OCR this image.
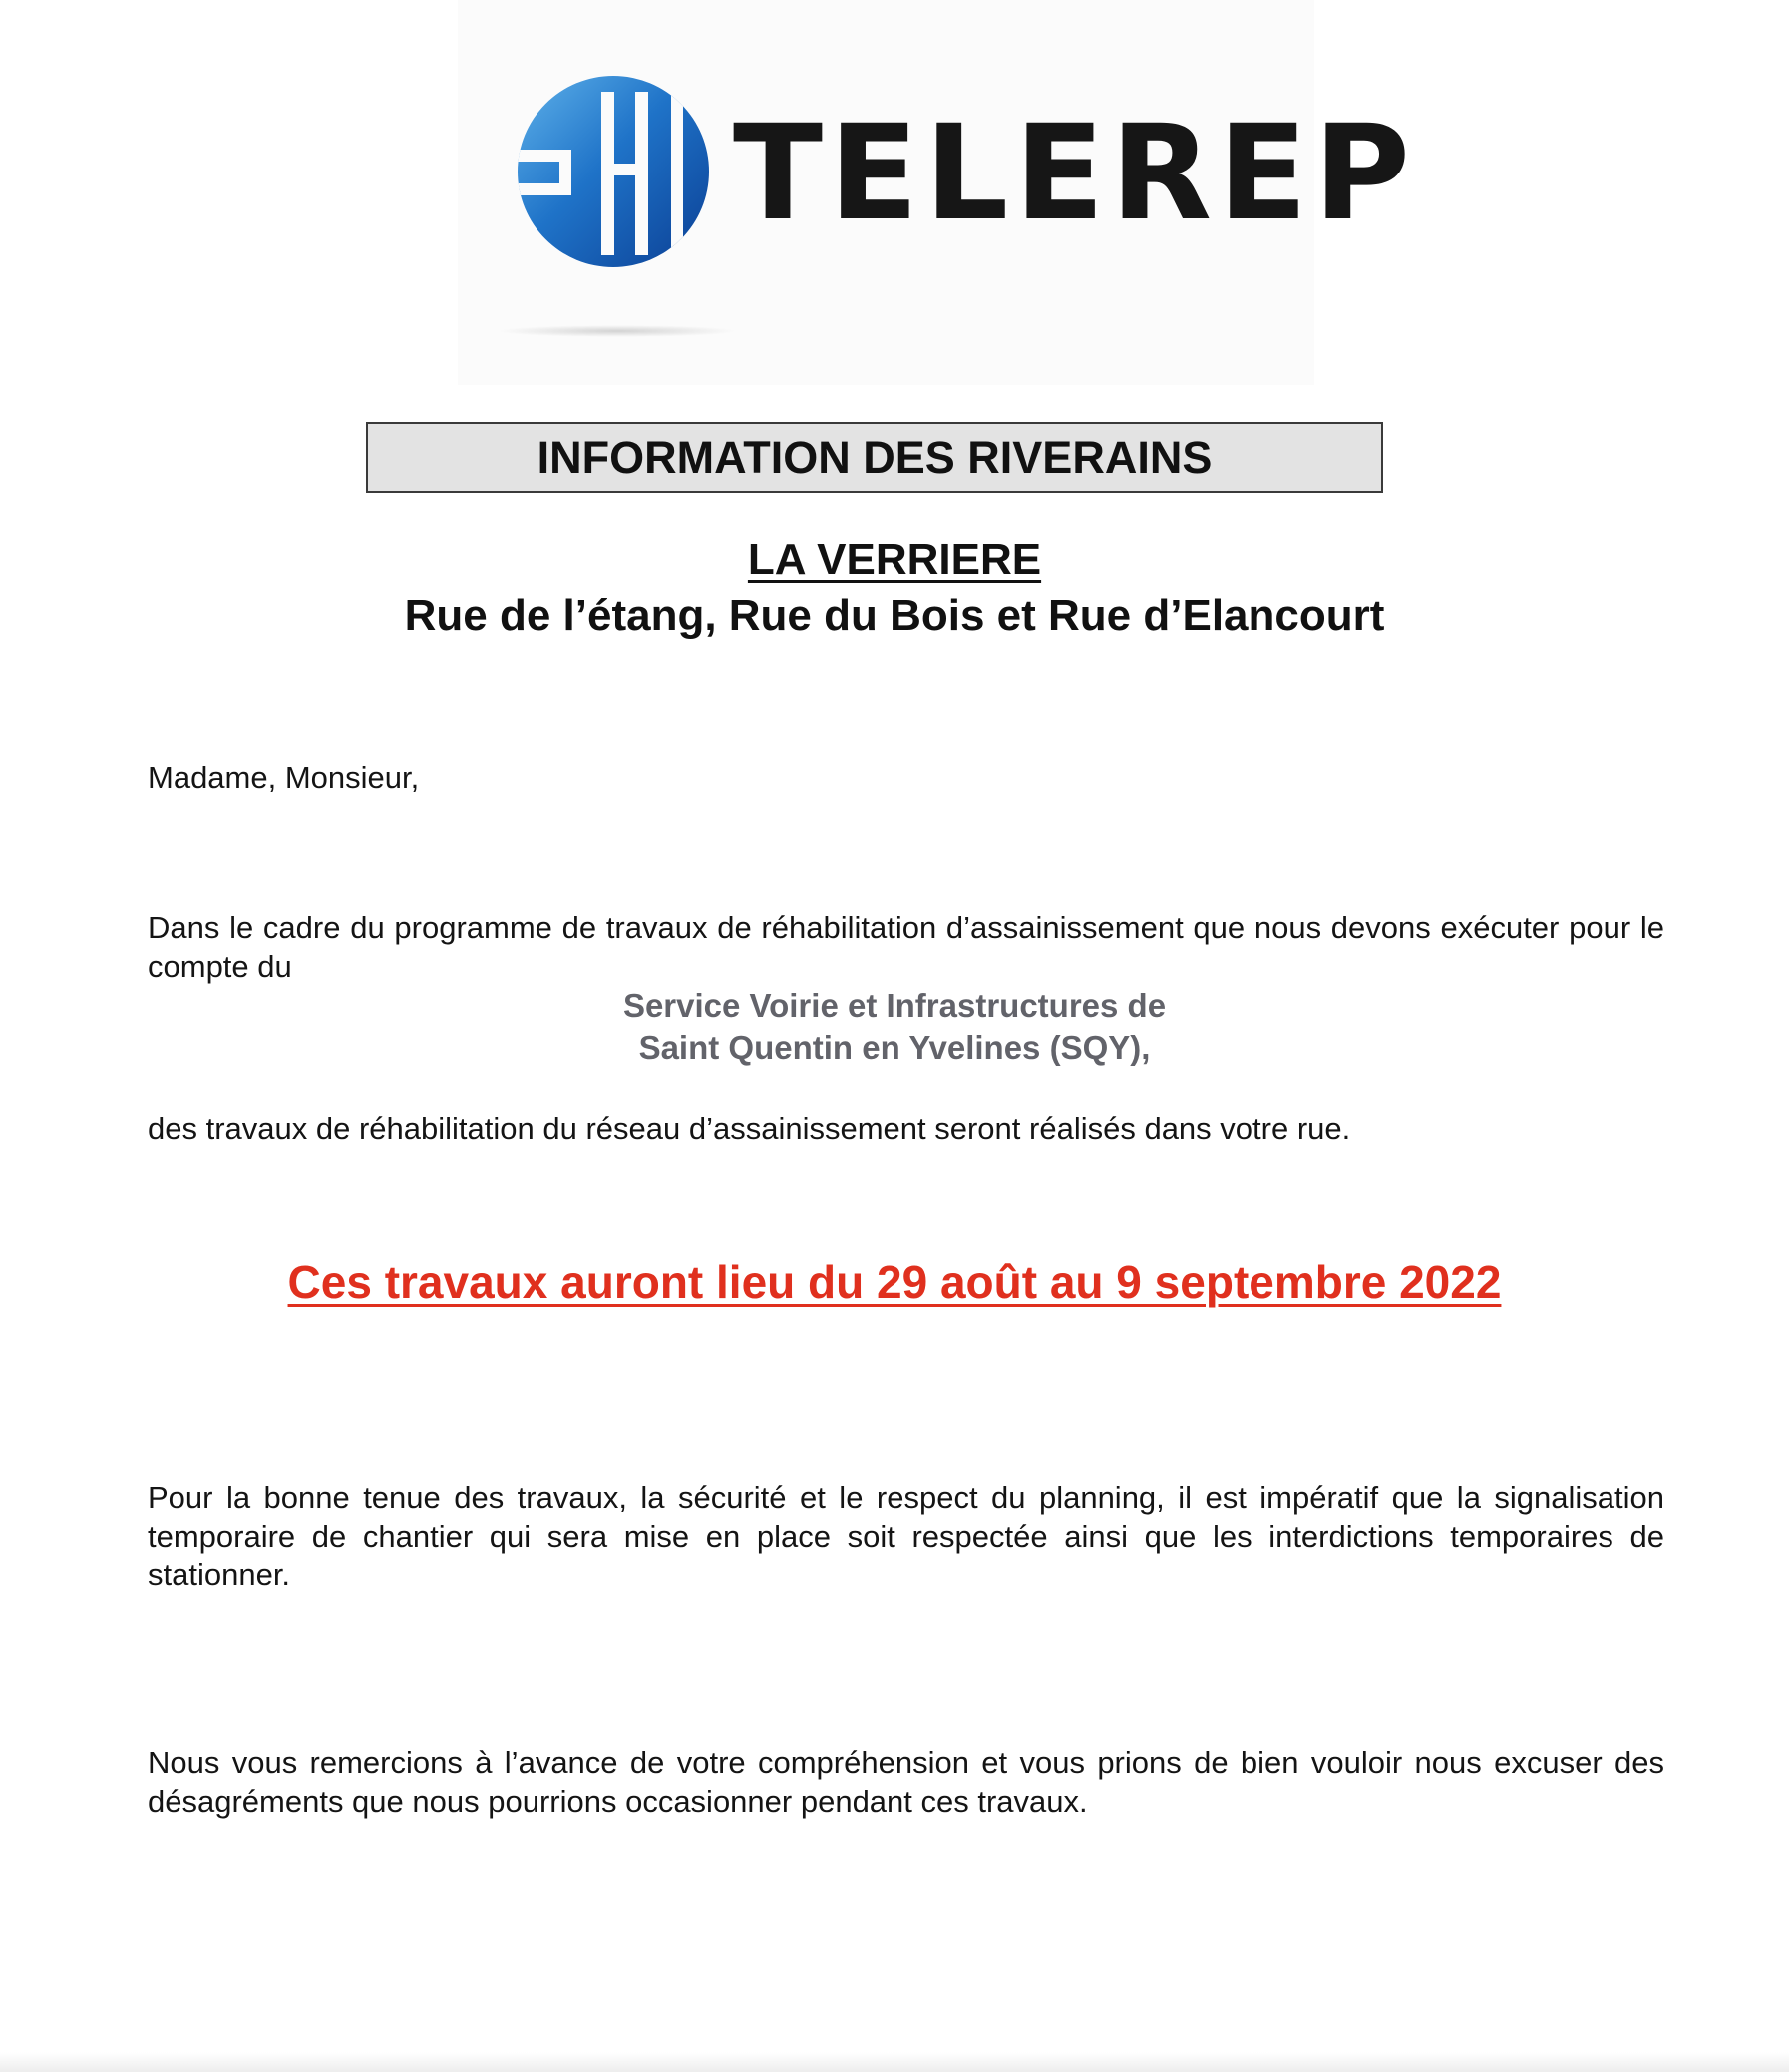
TELEREP
INFORMATION DES RIVERAINS
LA VERRIERE
Rue de l’étang, Rue du Bois et Rue d’Elancourt
Madame, Monsieur,
Dans le cadre du programme de travaux de réhabilitation d’assainissement que nous devons exécuter pour le compte du
Service Voirie et Infrastructures de
Saint Quentin en Yvelines (SQY),
des travaux de réhabilitation du réseau d’assainissement seront réalisés dans votre rue.
Ces travaux auront lieu du 29 août au 9 septembre 2022
Pour la bonne tenue des travaux, la sécurité et le respect du planning, il est impératif que la signalisation temporaire de chantier qui sera mise en place soit respectée ainsi que les interdictions temporaires de stationner.
Nous vous remercions à l’avance de votre compréhension et vous prions de bien vouloir nous excuser des désagréments que nous pourrions occasionner pendant ces travaux.
